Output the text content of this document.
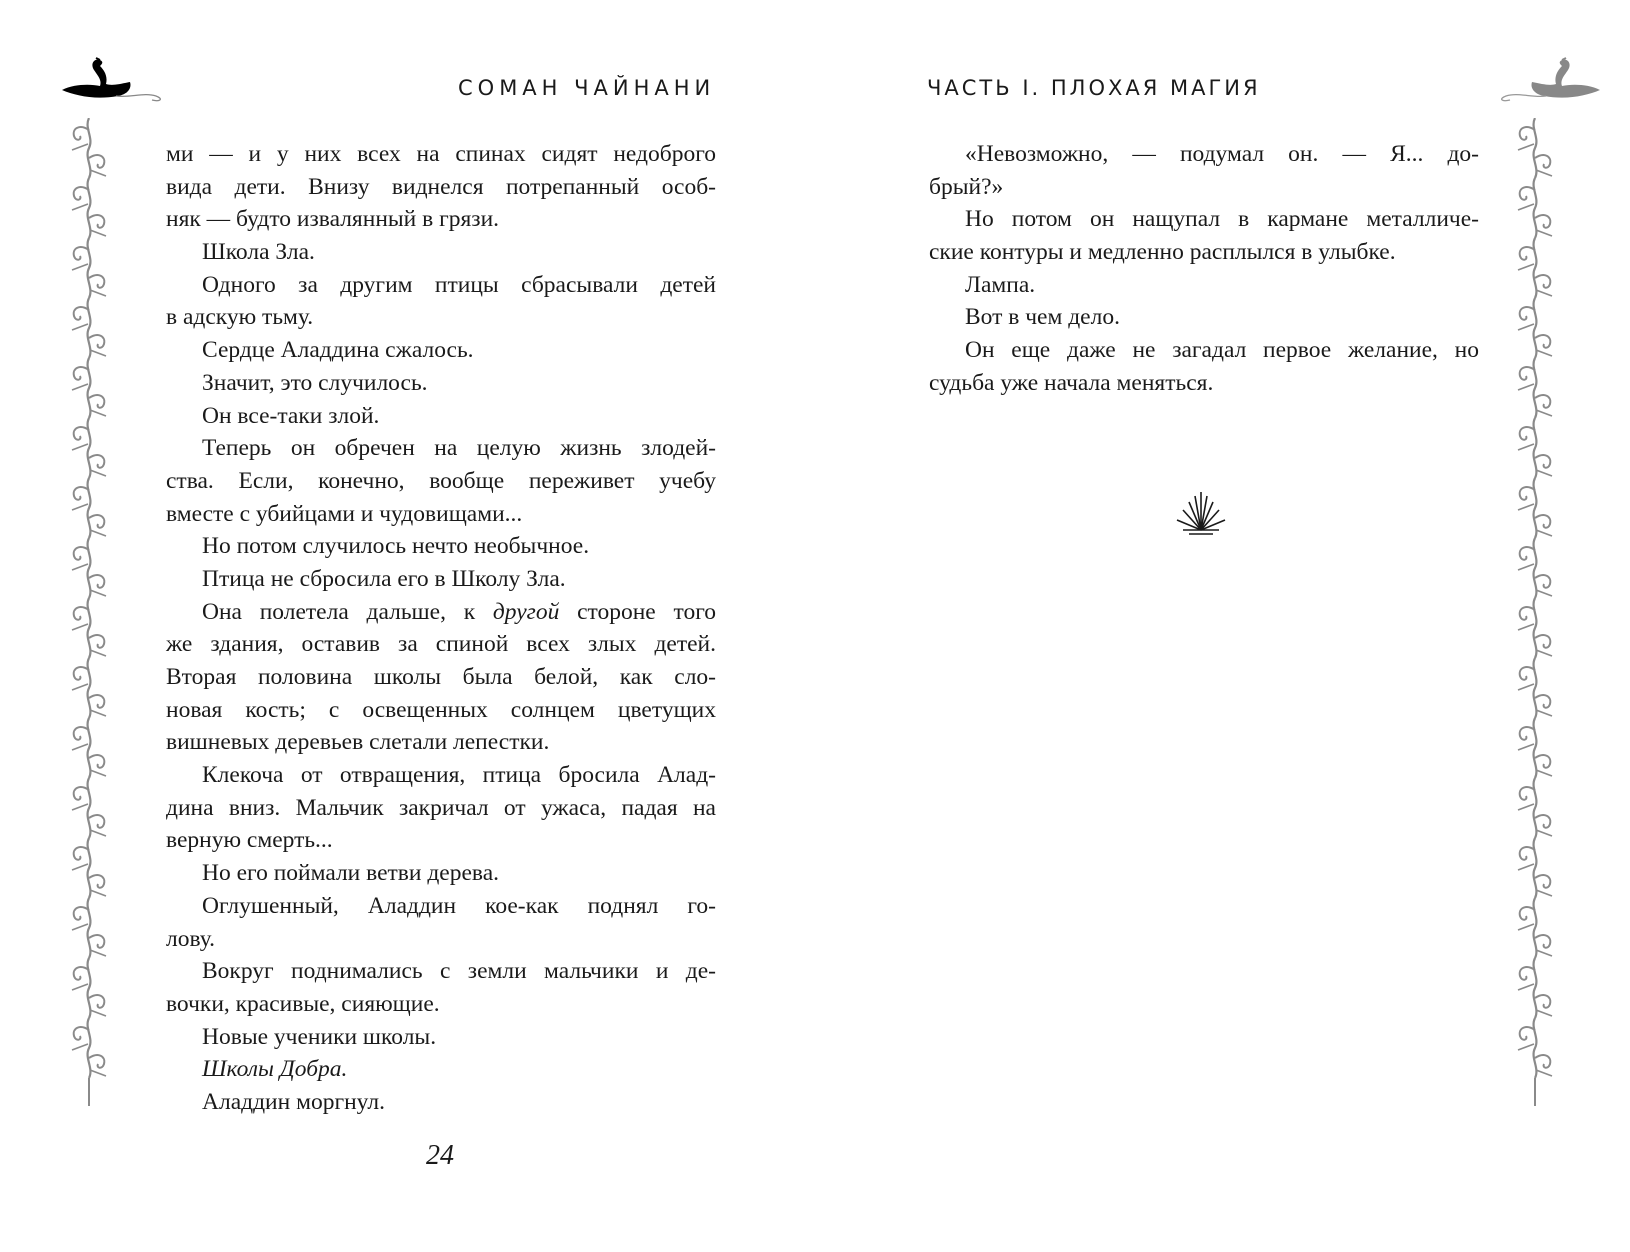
СОМАН ЧАЙНАНИ
ми — и у них всех на спинах сидят недоброго
вида дети. Внизу виднелся потрепанный особ-
няк — будто извалянный в грязи.
Школа Зла.
Одного за другим птицы сбрасывали детей
в адскую тьму.
Сердце Аладдина сжалось.
Значит, это случилось.
Он все-таки злой.
Теперь он обречен на целую жизнь злодей-
ства. Если, конечно, вообще переживет учебу
вместе с убийцами и чудовищами...
Но потом случилось нечто необычное.
Птица не сбросила его в Школу Зла.
Она полетела дальше, к другой стороне того
же здания, оставив за спиной всех злых детей.
Вторая половина школы была белой, как сло-
новая кость; с освещенных солнцем цветущих
вишневых деревьев слетали лепестки.
Клекоча от отвращения, птица бросила Алад-
дина вниз. Мальчик закричал от ужаса, падая на
верную смерть...
Но его поймали ветви дерева.
Оглушенный, Аладдин кое-как поднял го-
лову.
Вокруг поднимались с земли мальчики и де-
вочки, красивые, сияющие.
Новые ученики школы.
Школы Добра.
Аладдин моргнул.
24
ЧАСТЬ I. ПЛОХАЯ МАГИЯ
«Невозможно, — подумал он. — Я... до-
брый?»
Но потом он нащупал в кармане металличе-
ские контуры и медленно расплылся в улыбке.
Лампа.
Вот в чем дело.
Он еще даже не загадал первое желание, но
судьба уже начала меняться.
